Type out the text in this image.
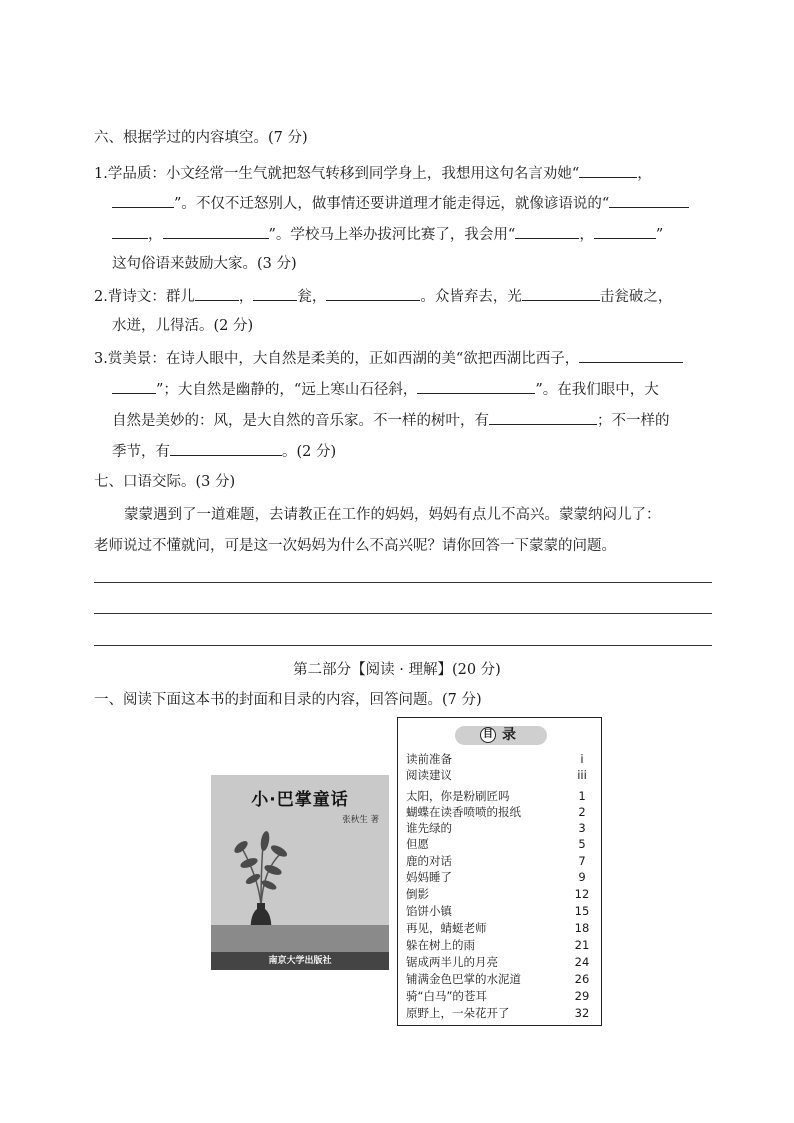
六、根据学过的内容填空。(7 分)
1.学品质：小文经常一生气就把怒气转移到同学身上，我想用这句名言劝她“	，
”。不仅不迁怒别人，做事情还要讲道理才能走得远，就像谚语说的“
，	”。学校马上举办拔河比赛了，我会用“	，	”
这句俗语来鼓励大家。(3 分)
2.背诗文：群儿	，	瓮，	。众皆弃去，光	击瓮破之，
水迸，儿得活。(2 分)
3.赏美景：在诗人眼中，大自然是柔美的，正如西湖的美“欲把西湖比西子，
”；大自然是幽静的，“远上寒山石径斜，	”。在我们眼中，大
自然是美妙的：风，是大自然的音乐家。不一样的树叶，有	；不一样的
季节，有	。(2 分)
七、口语交际。(3 分)
蒙蒙遇到了一道难题，去请教正在工作的妈妈，妈妈有点儿不高兴。蒙蒙纳闷儿了：
老师说过不懂就问，可是这一次妈妈为什么不高兴呢？请你回答一下蒙蒙的问题。
第二部分【阅读 · 理解】(20 分)
一、阅读下面这本书的封面和目录的内容，回答问题。(7 分)
小·巴掌童话
张秋生 著
南京大学出版社
目 录
读前准备	i
阅读建议	iii
太阳，你是粉刷匠吗	1
蝴蝶在读香喷喷的报纸	2
谁先绿的	3
但愿	5
鹿的对话	7
妈妈睡了	9
倒影	12
馅饼小镇	15
再见，蜻蜓老师	18
躲在树上的雨	21
锯成两半儿的月亮	24
铺满金色巴掌的水泥道	26
骑“白马”的苍耳	29
原野上，一朵花开了	32
